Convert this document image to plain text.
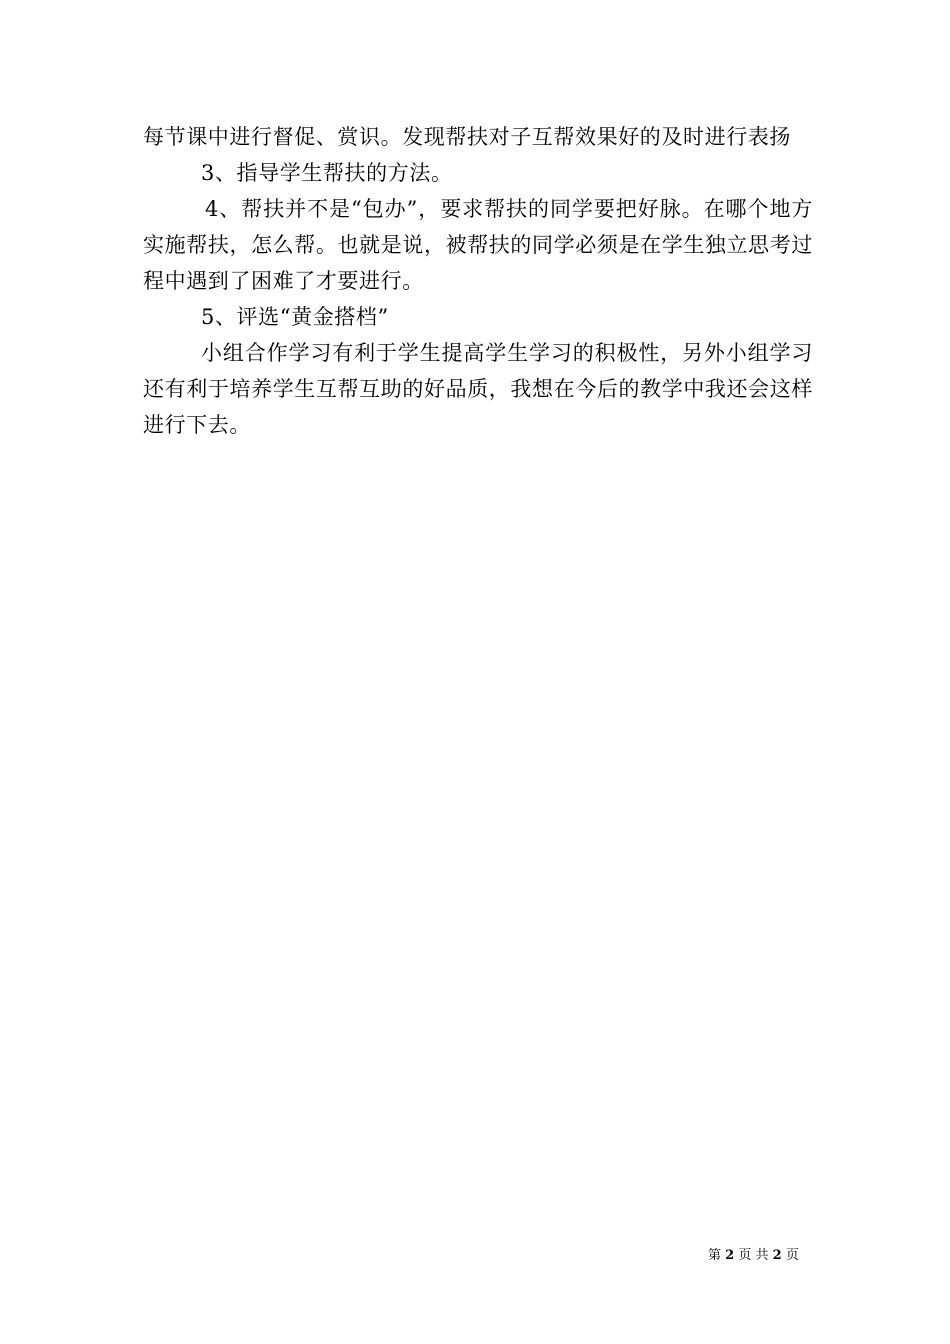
每节课中进行督促、赏识。发现帮扶对子互帮效果好的及时进行表扬

3、指导学生帮扶的方法。

4、帮扶并不是“包办”，要求帮扶的同学要把好脉。在哪个地方实施帮扶，怎么帮。也就是说，被帮扶的同学必须是在学生独立思考过程中遇到了困难了才要进行。

5、评选“黄金搭档”

小组合作学习有利于学生提高学生学习的积极性，另外小组学习还有利于培养学生互帮互助的好品质，我想在今后的教学中我还会这样进行下去。

第 2 页 共 2 页
